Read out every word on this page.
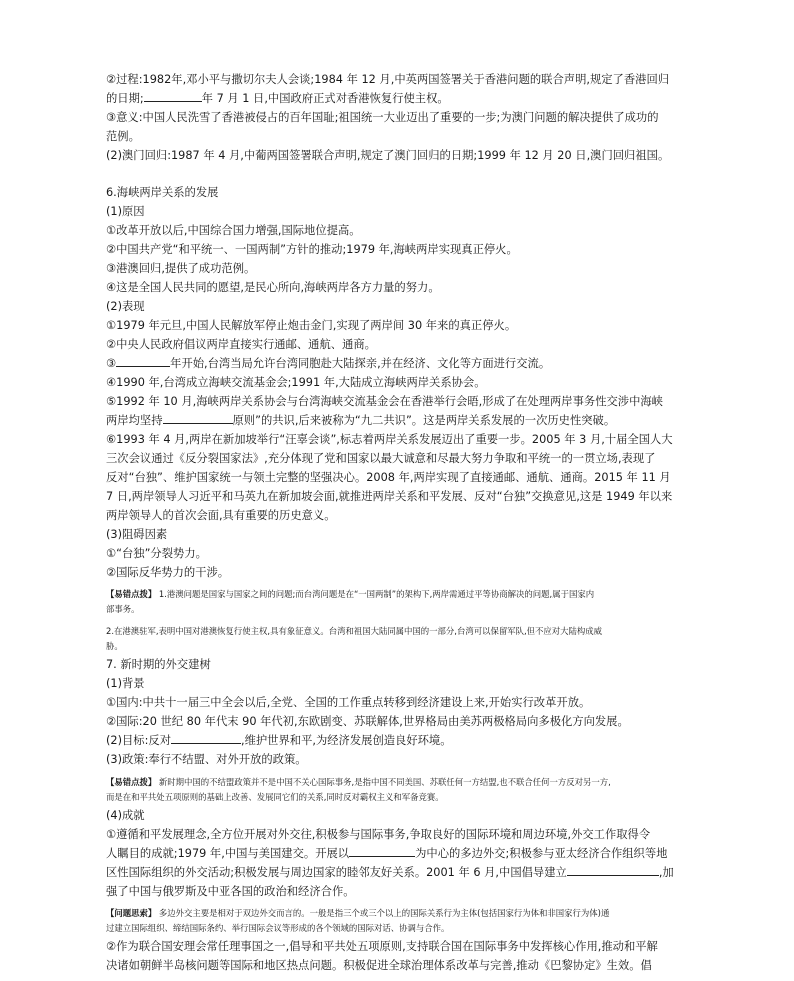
②过程:1982年,邓小平与撒切尔夫人会谈;1984 年 12 月,中英两国签署关于香港问题的联合声明,规定了香港回归
的日期;	年 7 月 1 日,中国政府正式对香港恢复行使主权。
③意义:中国人民洗雪了香港被侵占的百年国耻;祖国统一大业迈出了重要的一步;为澳门问题的解决提供了成功的
范例。
(2)澳门回归:1987 年 4 月,中葡两国签署联合声明,规定了澳门回归的日期;1999 年 12 月 20 日,澳门回归祖国。
6.海峡两岸关系的发展
(1)原因
①改革开放以后,中国综合国力增强,国际地位提高。
②中国共产党“和平统一、一国两制”方针的推动;1979 年,海峡两岸实现真正停火。
③港澳回归,提供了成功范例。
④这是全国人民共同的愿望,是民心所向,海峡两岸各方力量的努力。
(2)表现
①1979 年元旦,中国人民解放军停止炮击金门,实现了两岸间 30 年来的真正停火。
②中央人民政府倡议两岸直接实行通邮、通航、通商。
③	年开始,台湾当局允许台湾同胞赴大陆探亲,并在经济、文化等方面进行交流。
④1990 年,台湾成立海峡交流基金会;1991 年,大陆成立海峡两岸关系协会。
⑤1992 年 10 月,海峡两岸关系协会与台湾海峡交流基金会在香港举行会晤,形成了在处理两岸事务性交涉中海峡
两岸均坚持	原则”的共识,后来被称为“九二共识”。这是两岸关系发展的一次历史性突破。
⑥1993 年 4 月,两岸在新加坡举行“汪辜会谈”,标志着两岸关系发展迈出了重要一步。2005 年 3 月,十届全国人大
三次会议通过《反分裂国家法》,充分体现了党和国家以最大诚意和尽最大努力争取和平统一的一贯立场,表现了
反对“台独”、维护国家统一与领土完整的坚强决心。2008 年,两岸实现了直接通邮、通航、通商。2015 年 11 月
7 日,两岸领导人习近平和马英九在新加坡会面,就推进两岸关系和平发展、反对“台独”交换意见,这是 1949 年以来
两岸领导人的首次会面,具有重要的历史意义。
(3)阻碍因素
①“台独”分裂势力。
②国际反华势力的干涉。
【易错点拨】 1.港澳问题是国家与国家之间的问题;而台湾问题是在“一国两制”的架构下,两岸需通过平等协商解决的问题,属于国家内
部事务。
2.在港澳驻军,表明中国对港澳恢复行使主权,具有象征意义。台湾和祖国大陆同属中国的一部分,台湾可以保留军队,但不应对大陆构成威
胁。
7. 新时期的外交建树
(1)背景
①国内:中共十一届三中全会以后,全党、全国的工作重点转移到经济建设上来,开始实行改革开放。
②国际:20 世纪 80 年代末 90 年代初,东欧剧变、苏联解体,世界格局由美苏两极格局向多极化方向发展。
(2)目标:反对	,维护世界和平,为经济发展创造良好环境。
(3)政策:奉行不结盟、对外开放的政策。
【易错点拨】 新时期中国的不结盟政策并不是中国不关心国际事务,是指中国不同美国、苏联任何一方结盟,也不联合任何一方反对另一方,
而是在和平共处五项原则的基础上改善、发展同它们的关系,同时反对霸权主义和军备竞赛。
(4)成就
①遵循和平发展理念,全方位开展对外交往,积极参与国际事务,争取良好的国际环境和周边环境,外交工作取得令
人瞩目的成就;1979 年,中国与美国建交。开展以	为中心的多边外交;积极参与亚太经济合作组织等地
区性国际组织的外交活动;积极发展与周边国家的睦邻友好关系。2001 年 6 月,中国倡导建立	,加
强了中国与俄罗斯及中亚各国的政治和经济合作。
【问题思索】 多边外交主要是相对于双边外交而言的。一般是指三个或三个以上的国际关系行为主体(包括国家行为体和非国家行为体)通
过建立国际组织、缔结国际条约、举行国际会议等形成的各个领域的国际对话、协调与合作。
②作为联合国安理会常任理事国之一,倡导和平共处五项原则,支持联合国在国际事务中发挥核心作用,推动和平解
决诸如朝鲜半岛核问题等国际和地区热点问题。积极促进全球治理体系改革与完善,推动《巴黎协定》生效。倡
